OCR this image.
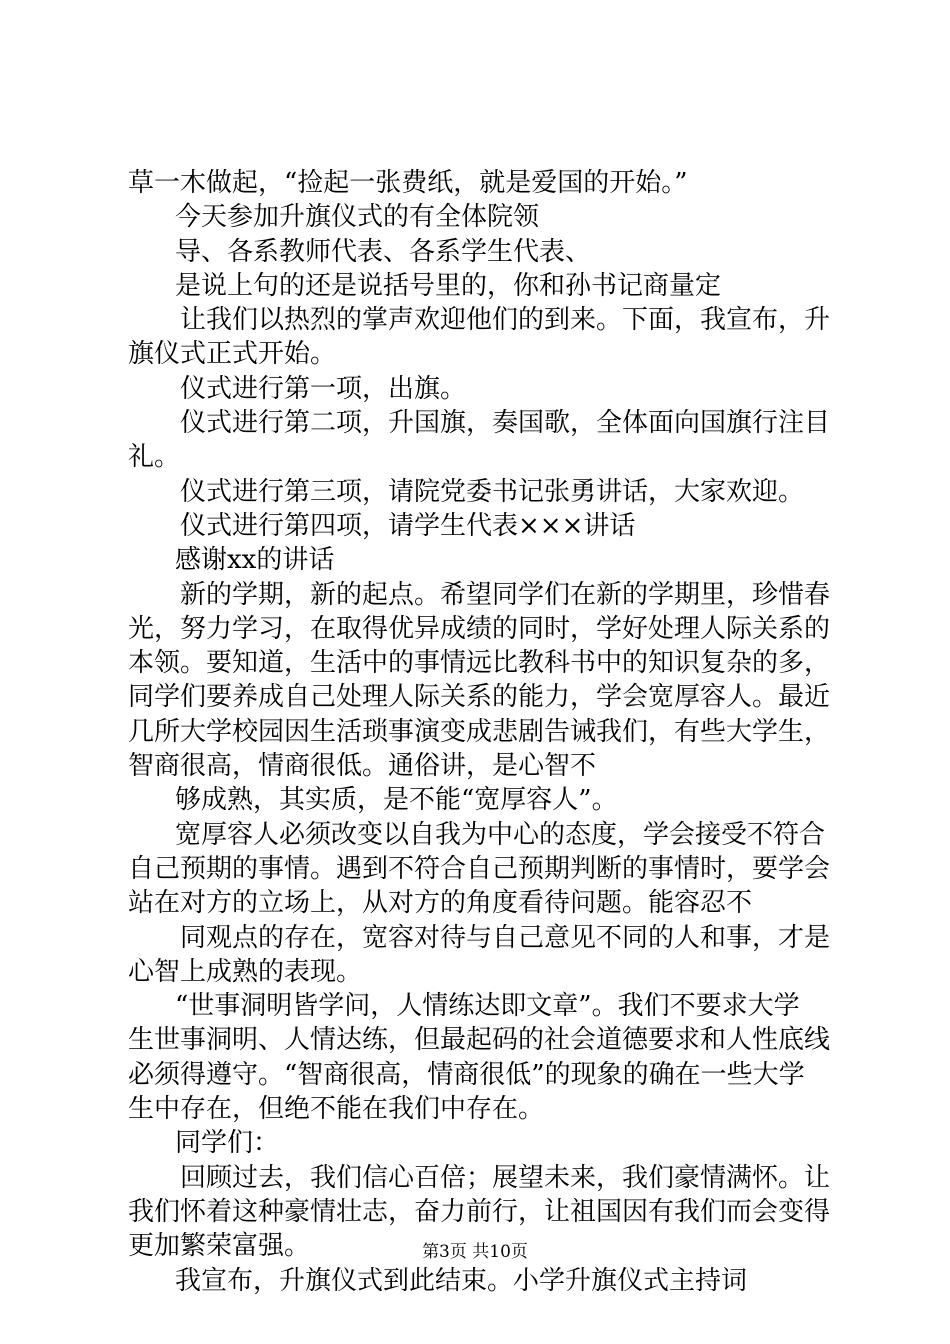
草一木做起，“捡起一张费纸，就是爱国的开始。”
今天参加升旗仪式的有全体院领
导、各系教师代表、各系学生代表、
是说上句的还是说括号里的，你和孙书记商量定
让我们以热烈的掌声欢迎他们的到来。下面，我宣布，升
旗仪式正式开始。
仪式进行第一项，出旗。
仪式进行第二项，升国旗，奏国歌，全体面向国旗行注目
礼。
仪式进行第三项，请院党委书记张勇讲话，大家欢迎。
仪式进行第四项，请学生代表×××讲话
感谢xx的讲话
新的学期，新的起点。希望同学们在新的学期里，珍惜春
光，努力学习，在取得优异成绩的同时，学好处理人际关系的
本领。要知道，生活中的事情远比教科书中的知识复杂的多，
同学们要养成自己处理人际关系的能力，学会宽厚容人。最近
几所大学校园因生活琐事演变成悲剧告诫我们，有些大学生，
智商很高，情商很低。通俗讲，是心智不
够成熟，其实质，是不能“宽厚容人”。
宽厚容人必须改变以自我为中心的态度，学会接受不符合
自己预期的事情。遇到不符合自己预期判断的事情时，要学会
站在对方的立场上，从对方的角度看待问题。能容忍不
同观点的存在，宽容对待与自己意见不同的人和事，才是
心智上成熟的表现。
“世事洞明皆学问，人情练达即文章”。我们不要求大学
生世事洞明、人情达练，但最起码的社会道德要求和人性底线
必须得遵守。“智商很高，情商很低”的现象的确在一些大学
生中存在，但绝不能在我们中存在。
同学们：
回顾过去，我们信心百倍；展望未来，我们豪情满怀。让
我们怀着这种豪情壮志，奋力前行，让祖国因有我们而会变得
更加繁荣富强。
我宣布，升旗仪式到此结束。小学升旗仪式主持词
第3页 共10页
